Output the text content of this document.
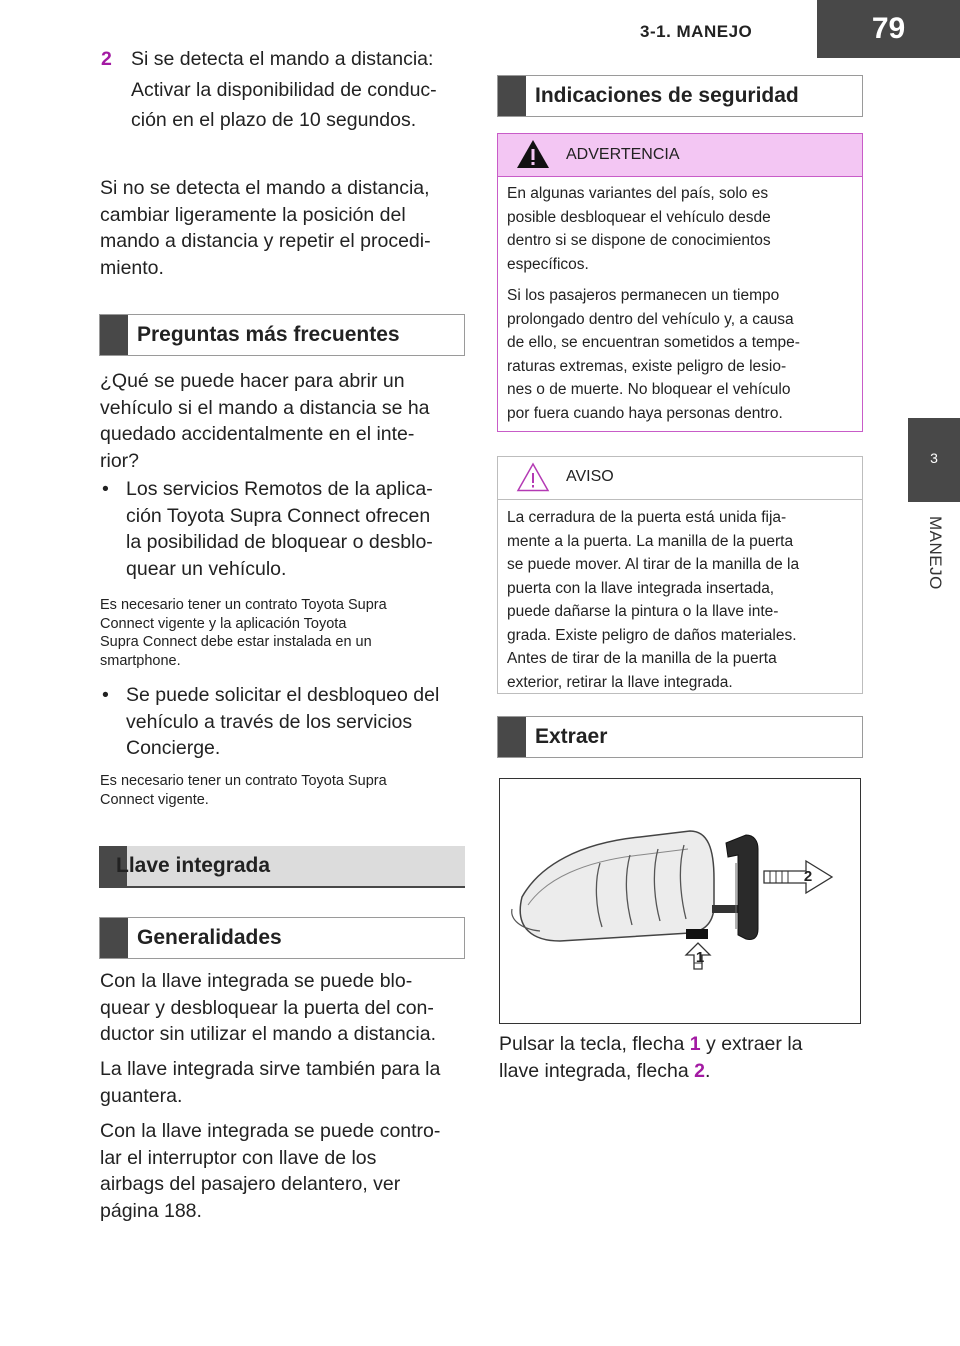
3-1. MANEJO	79
3
MANEJO
2 Si se detecta el mando a distancia:
Activar la disponibilidad de conduc-
ción en el plazo de 10 segundos.
Si no se detecta el mando a distancia,
cambiar ligeramente la posición del
mando a distancia y repetir el procedi-
miento.
Preguntas más frecuentes
¿Qué se puede hacer para abrir un
vehículo si el mando a distancia se ha
quedado accidentalmente en el inte-
rior?
• Los servicios Remotos de la aplica-
ción Toyota Supra Connect ofrecen
la posibilidad de bloquear o desblo-
quear un vehículo.
Es necesario tener un contrato Toyota Supra
Connect vigente y la aplicación Toyota
Supra Connect debe estar instalada en un
smartphone.
• Se puede solicitar el desbloqueo del
vehículo a través de los servicios
Concierge.
Es necesario tener un contrato Toyota Supra
Connect vigente.
Llave integrada
Generalidades
Con la llave integrada se puede blo-
quear y desbloquear la puerta del con-
ductor sin utilizar el mando a distancia.
La llave integrada sirve también para la
guantera.
Con la llave integrada se puede contro-
lar el interruptor con llave de los
airbags del pasajero delantero, ver
página 188.
Indicaciones de seguridad
ADVERTENCIA
En algunas variantes del país, solo es
posible desbloquear el vehículo desde
dentro si se dispone de conocimientos
específicos.
Si los pasajeros permanecen un tiempo
prolongado dentro del vehículo y, a causa
de ello, se encuentran sometidos a tempe-
raturas extremas, existe peligro de lesio-
nes o de muerte. No bloquear el vehículo
por fuera cuando haya personas dentro.
AVISO
La cerradura de la puerta está unida fija-
mente a la puerta. La manilla de la puerta
se puede mover. Al tirar de la manilla de la
puerta con la llave integrada insertada,
puede dañarse la pintura o la llave inte-
grada. Existe peligro de daños materiales.
Antes de tirar de la manilla de la puerta
exterior, retirar la llave integrada.
Extraer
1
2
Pulsar la tecla, flecha 1 y extraer la
llave integrada, flecha 2.
